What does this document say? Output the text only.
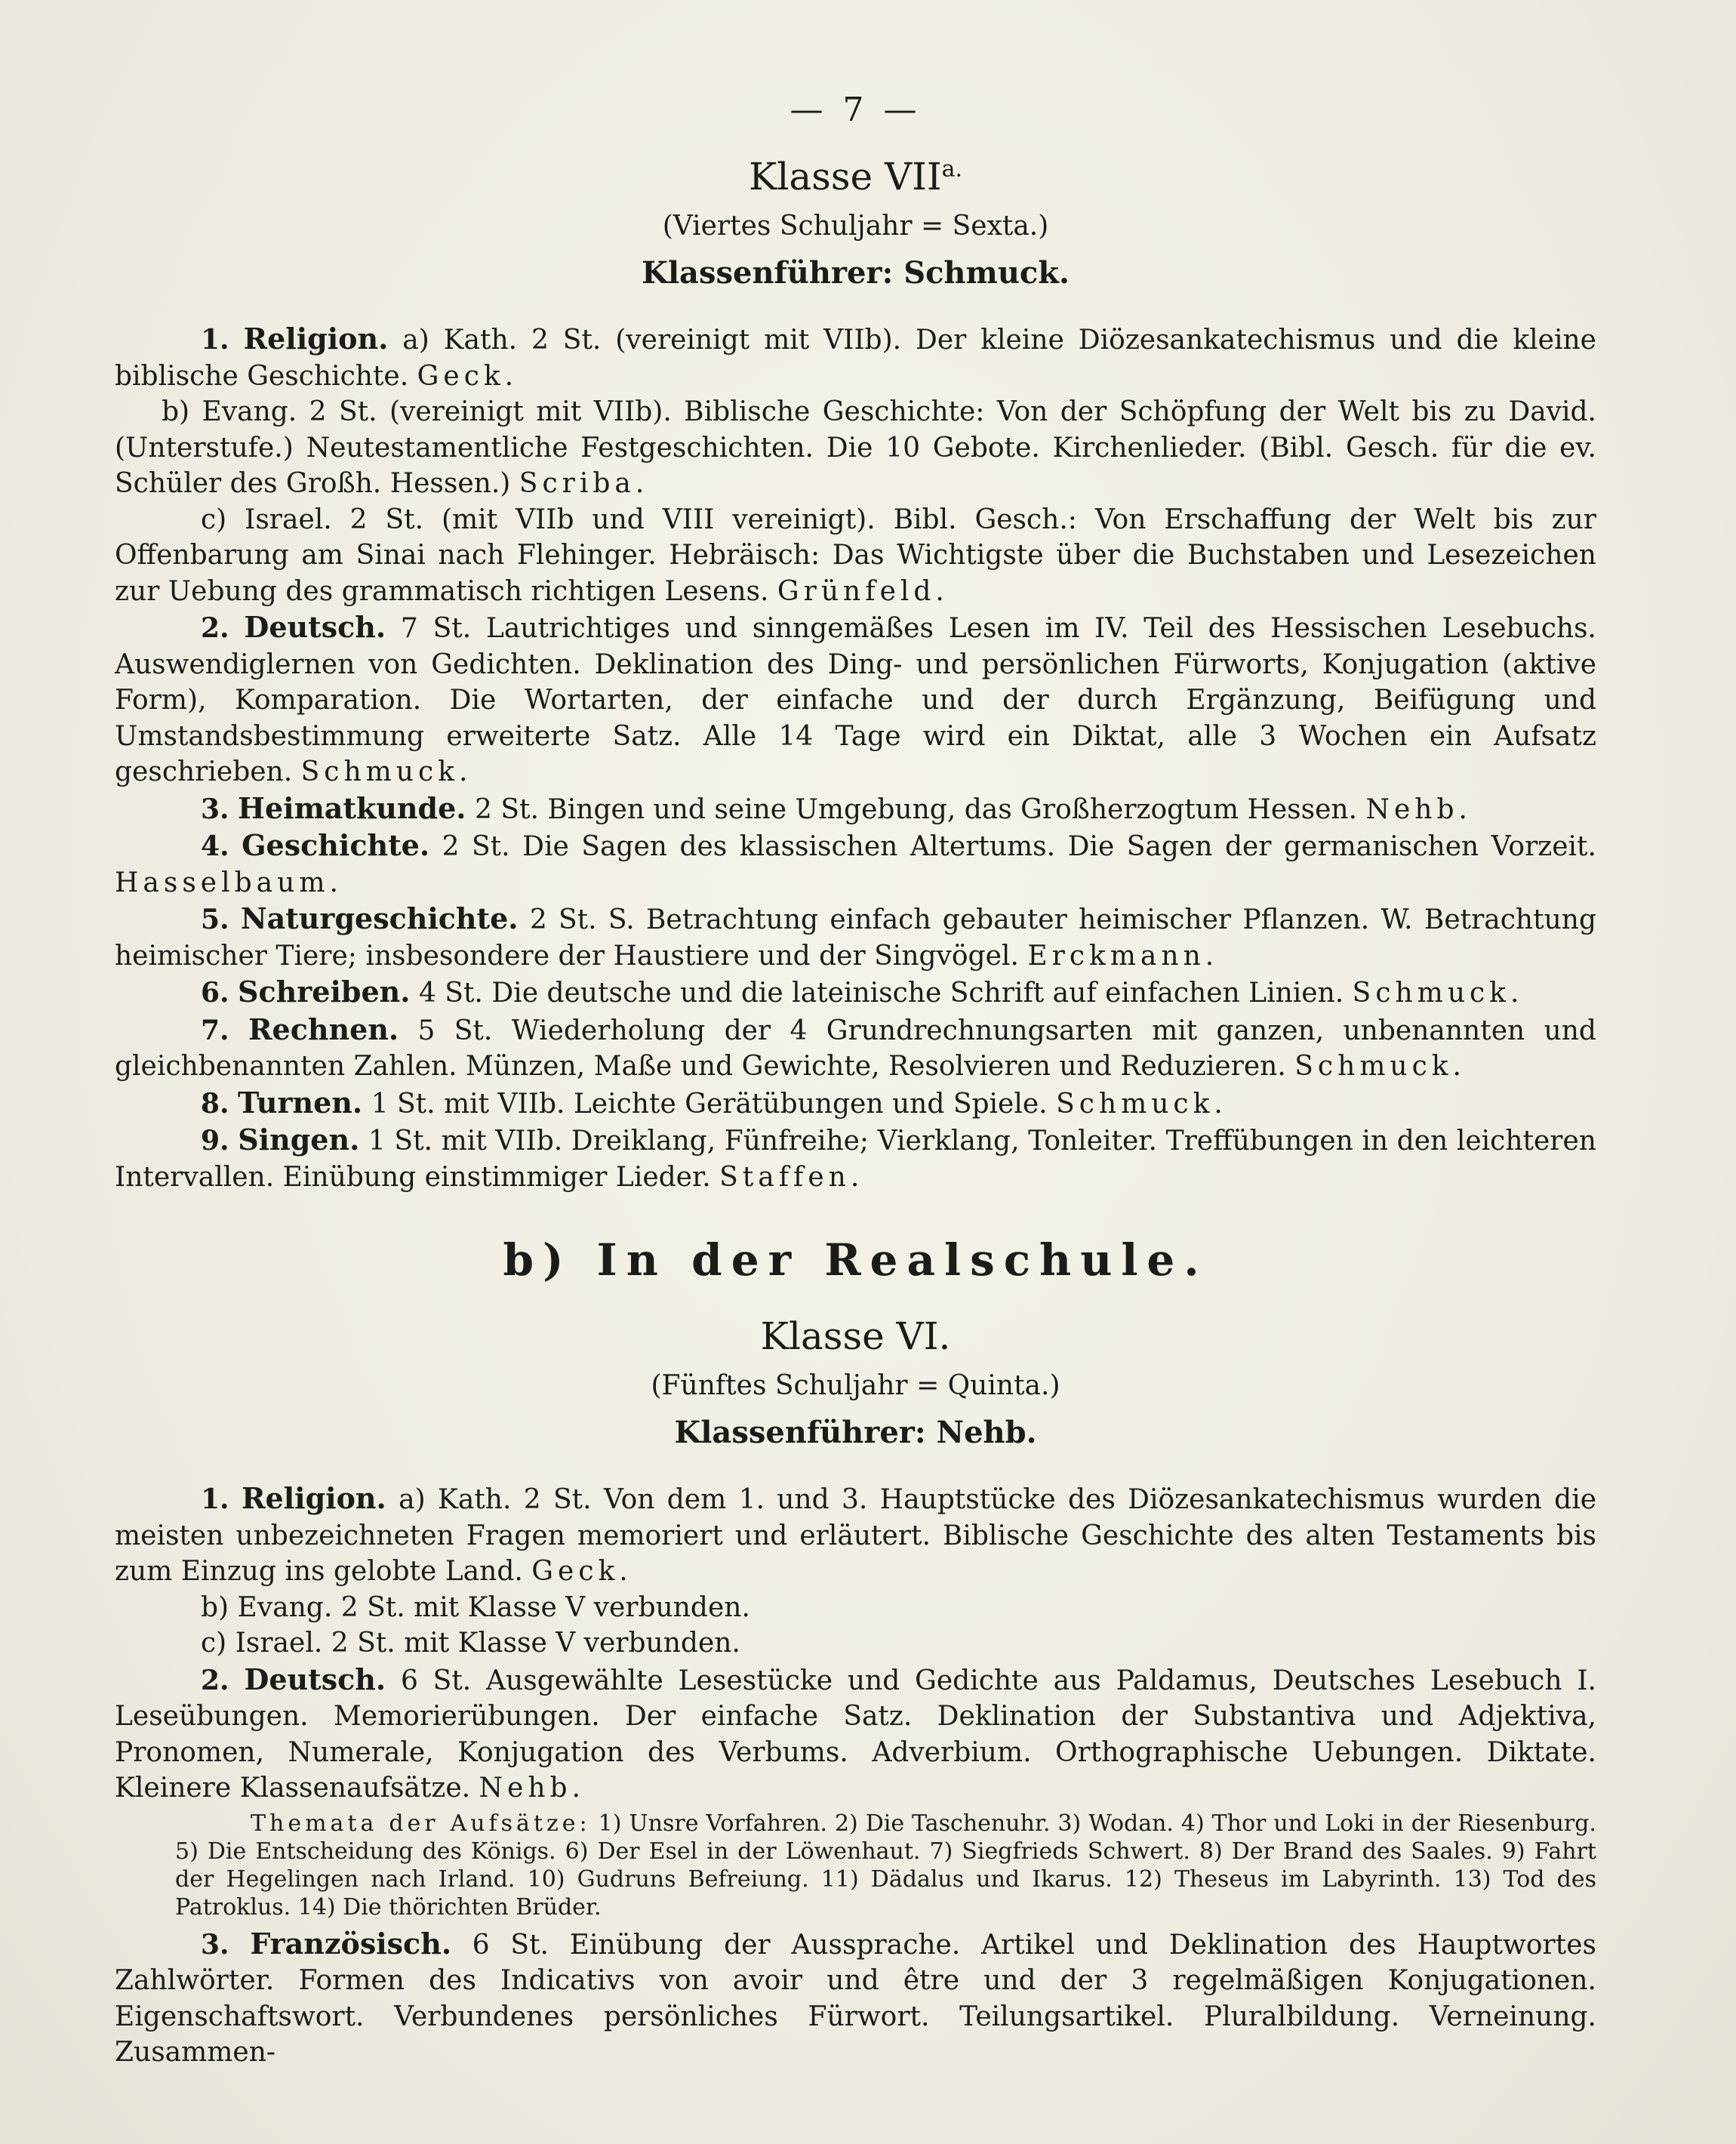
— 7 —
Klasse $VII^{a.}$
(Viertes Schuljahr = Sexta.)
Klassenführer: Schmuck.

1. Religion. a) Kath. 2 St. (vereinigt mit VIIb). Der kleine Diözesankatechismus und die kleine biblische Geschichte. Geck.

b) Evang. 2 St. (vereinigt mit VIIb). Biblische Geschichte: Von der Schöpfung der Welt bis zu David. (Unterstufe.) Neutestamentliche Festgeschichten. Die 10 Gebote. Kirchenlieder. (Bibl. Gesch. für die ev. Schüler des Großh. Hessen.) Scriba.

c) Israel. 2 St. (mit VIIb und VIII vereinigt). Bibl. Gesch.: Von Erschaffung der Welt bis zur Offenbarung am Sinai nach Flehinger. Hebräisch: Das Wichtigste über die Buchstaben und Lesezeichen zur Uebung des grammatisch richtigen Lesens. Grünfeld.

2. Deutsch. 7 St. Lautrichtiges und sinngemäßes Lesen im IV. Teil des Hessischen Lesebuchs. Auswendiglernen von Gedichten. Deklination des Ding- und persönlichen Fürworts, Konjugation (aktive Form), Komparation. Die Wortarten, der einfache und der durch Ergänzung, Beifügung und Umstandsbestimmung erweiterte Satz. Alle 14 Tage wird ein Diktat, alle 3 Wochen ein Aufsatz geschrieben. Schmuck.

3. Heimatkunde. 2 St. Bingen und seine Umgebung, das Großherzogtum Hessen. Nehb.

4. Geschichte. 2 St. Die Sagen des klassischen Altertums. Die Sagen der germanischen Vorzeit. Hasselbaum.

5. Naturgeschichte. 2 St. S. Betrachtung einfach gebauter heimischer Pflanzen. W. Betrachtung heimischer Tiere; insbesondere der Haustiere und der Singvögel. Erckmann.

6. Schreiben. 4 St. Die deutsche und die lateinische Schrift auf einfachen Linien. Schmuck.

7. Rechnen. 5 St. Wiederholung der 4 Grundrechnungsarten mit ganzen, unbenannten und gleichbenannten Zahlen. Münzen, Maße und Gewichte, Resolvieren und Reduzieren. Schmuck.

8. Turnen. 1 St. mit VIIb. Leichte Gerätübungen und Spiele. Schmuck.

9. Singen. 1 St. mit VIIb. Dreiklang, Fünfreihe; Vierklang, Tonleiter. Treffübungen in den leichteren Intervallen. Einübung einstimmiger Lieder. Staffen.

b) In der Realschule.
Klasse VI.
(Fünftes Schuljahr = Quinta.)
Klassenführer: Nehb.

1. Religion. a) Kath. 2 St. Von dem 1. und 3. Hauptstücke des Diözesankatechismus wurden die meisten unbezeichneten Fragen memoriert und erläutert. Biblische Geschichte des alten Testaments bis zum Einzug ins gelobte Land. Geck.

b) Evang. 2 St. mit Klasse V verbunden.

c) Israel. 2 St. mit Klasse V verbunden.

2. Deutsch. 6 St. Ausgewählte Lesestücke und Gedichte aus Paldamus, Deutsches Lesebuch I. Leseübungen. Memorierübungen. Der einfache Satz. Deklination der Substantiva und Adjektiva, Pronomen, Numerale, Konjugation des Verbums. Adverbium. Orthographische Uebungen. Diktate. Kleinere Klassenaufsätze. Nehb.

Themata der Aufsätze: 1) Unsre Vorfahren. 2) Die Taschenuhr. 3) Wodan. 4) Thor und Loki in der Riesenburg. 5) Die Entscheidung des Königs. 6) Der Esel in der Löwenhaut. 7) Siegfrieds Schwert. 8) Der Brand des Saales. 9) Fahrt der Hegelingen nach Irland. 10) Gudruns Befreiung. 11) Dädalus und Ikarus. 12) Theseus im Labyrinth. 13) Tod des Patroklus. 14) Die thörichten Brüder.

3. Französisch. 6 St. Einübung der Aussprache. Artikel und Deklination des Hauptwortes Zahlwörter. Formen des Indicativs von avoir und être und der 3 regelmäßigen Konjugationen. Eigenschaftswort. Verbundenes persönliches Fürwort. Teilungsartikel. Pluralbildung. Verneinung. Zusammen-
